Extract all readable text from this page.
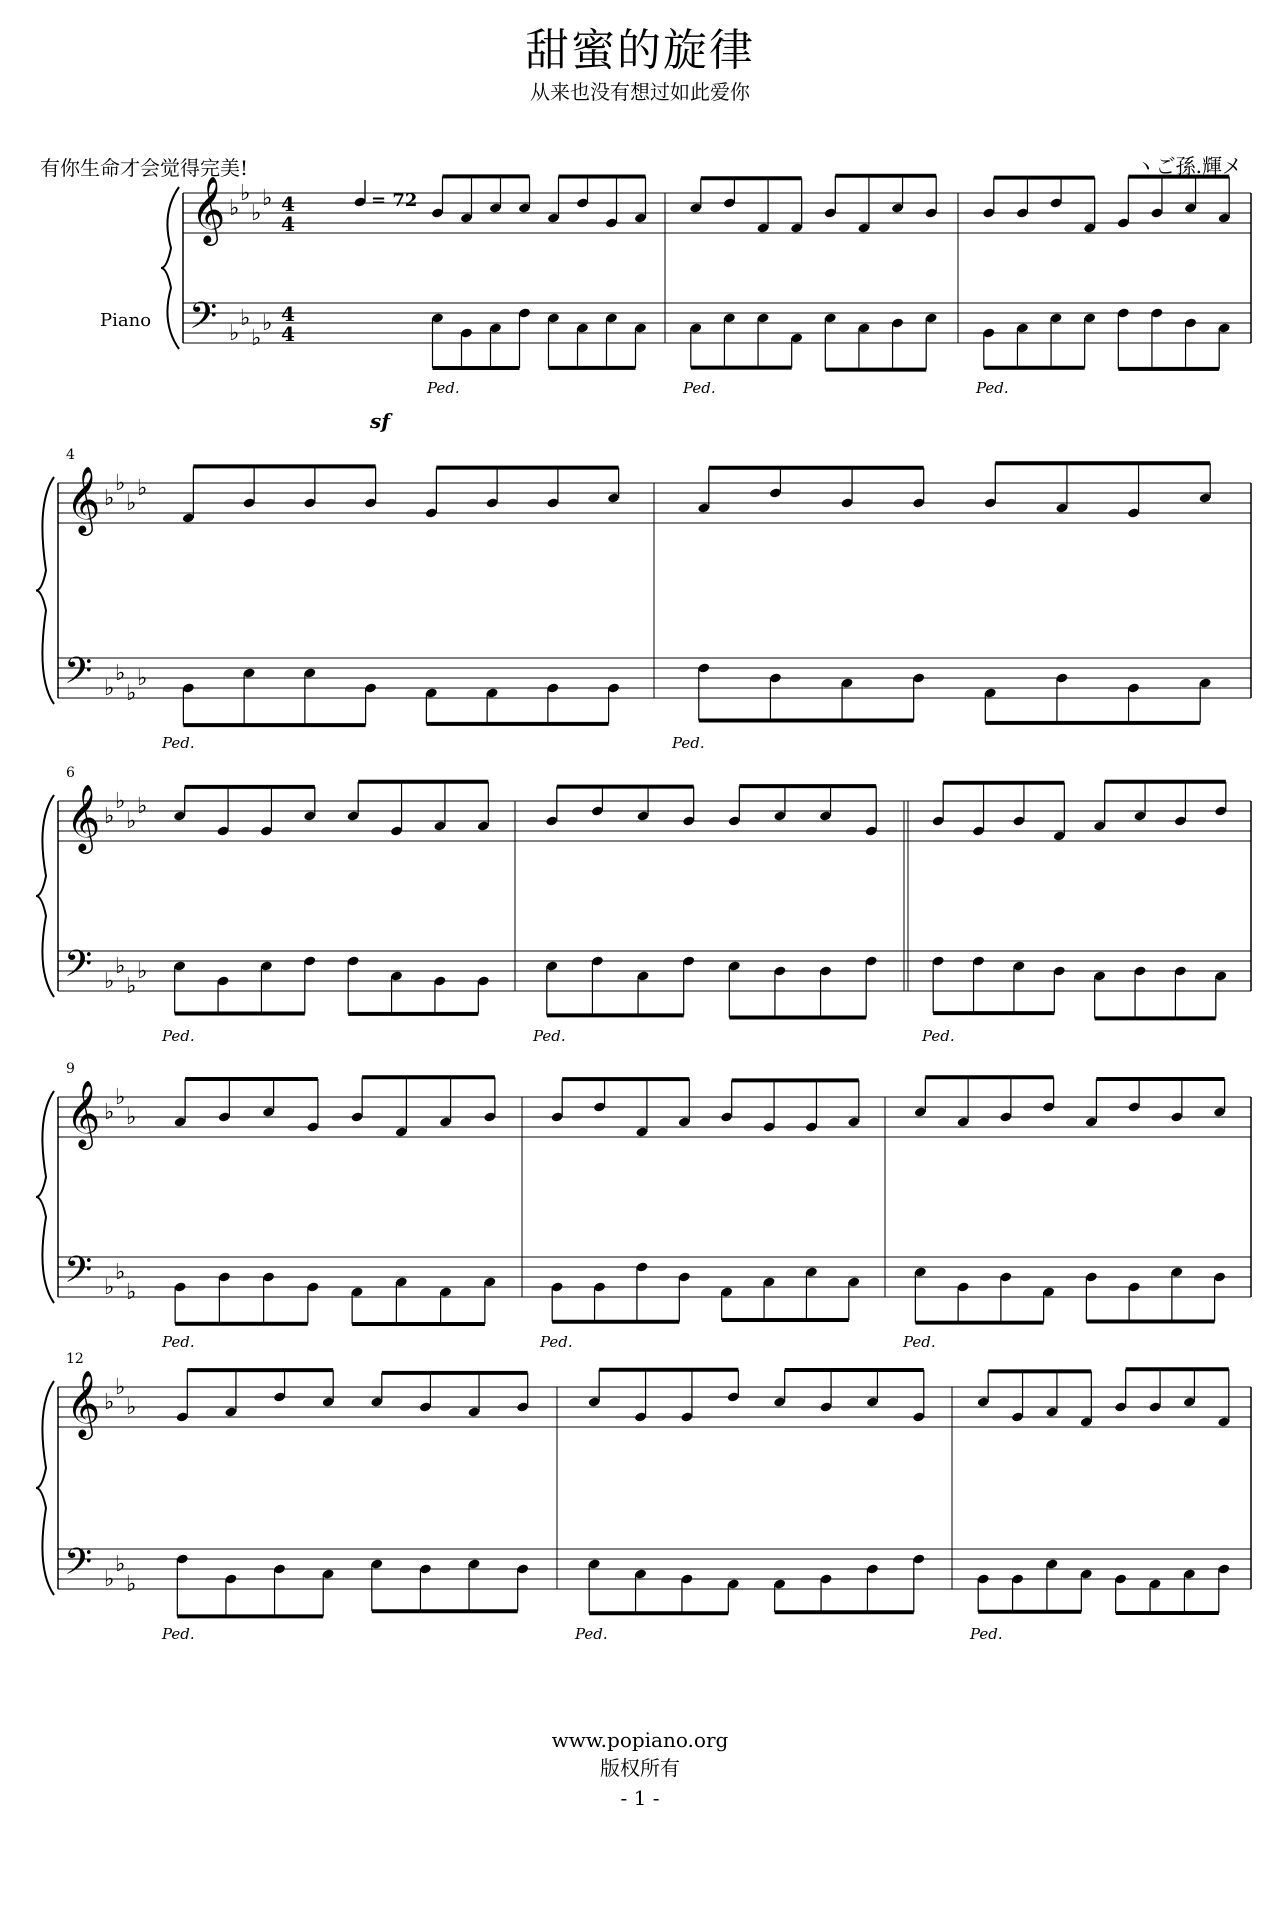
甜蜜的旋律
从来也没有想过如此爱你
有你生命才会觉得完美!	ヽご孫.輝メ
𝄞
𝄢
♭
♭
♭
♭
♭
♭
♭
♭
Ped.	Ped.	Ped.
𝄞
𝄢
♭
♭
♭
♭
♭
♭
♭
♭
4
Ped.	Ped.
𝄞
𝄢
♭
♭
♭
♭
♭
♭
♭
♭
6
Ped.	Ped.	Ped.
𝄞
𝄢
♭
♭
♭
♭
♭
♭
9
Ped.	Ped.	Ped.
𝄞
𝄢
♭
♭
♭
♭
♭
♭
12
Ped.	Ped.	Ped.
Piano
4
4
4
4
= 72
sf
www.popiano.org
版权所有
- 1 -
